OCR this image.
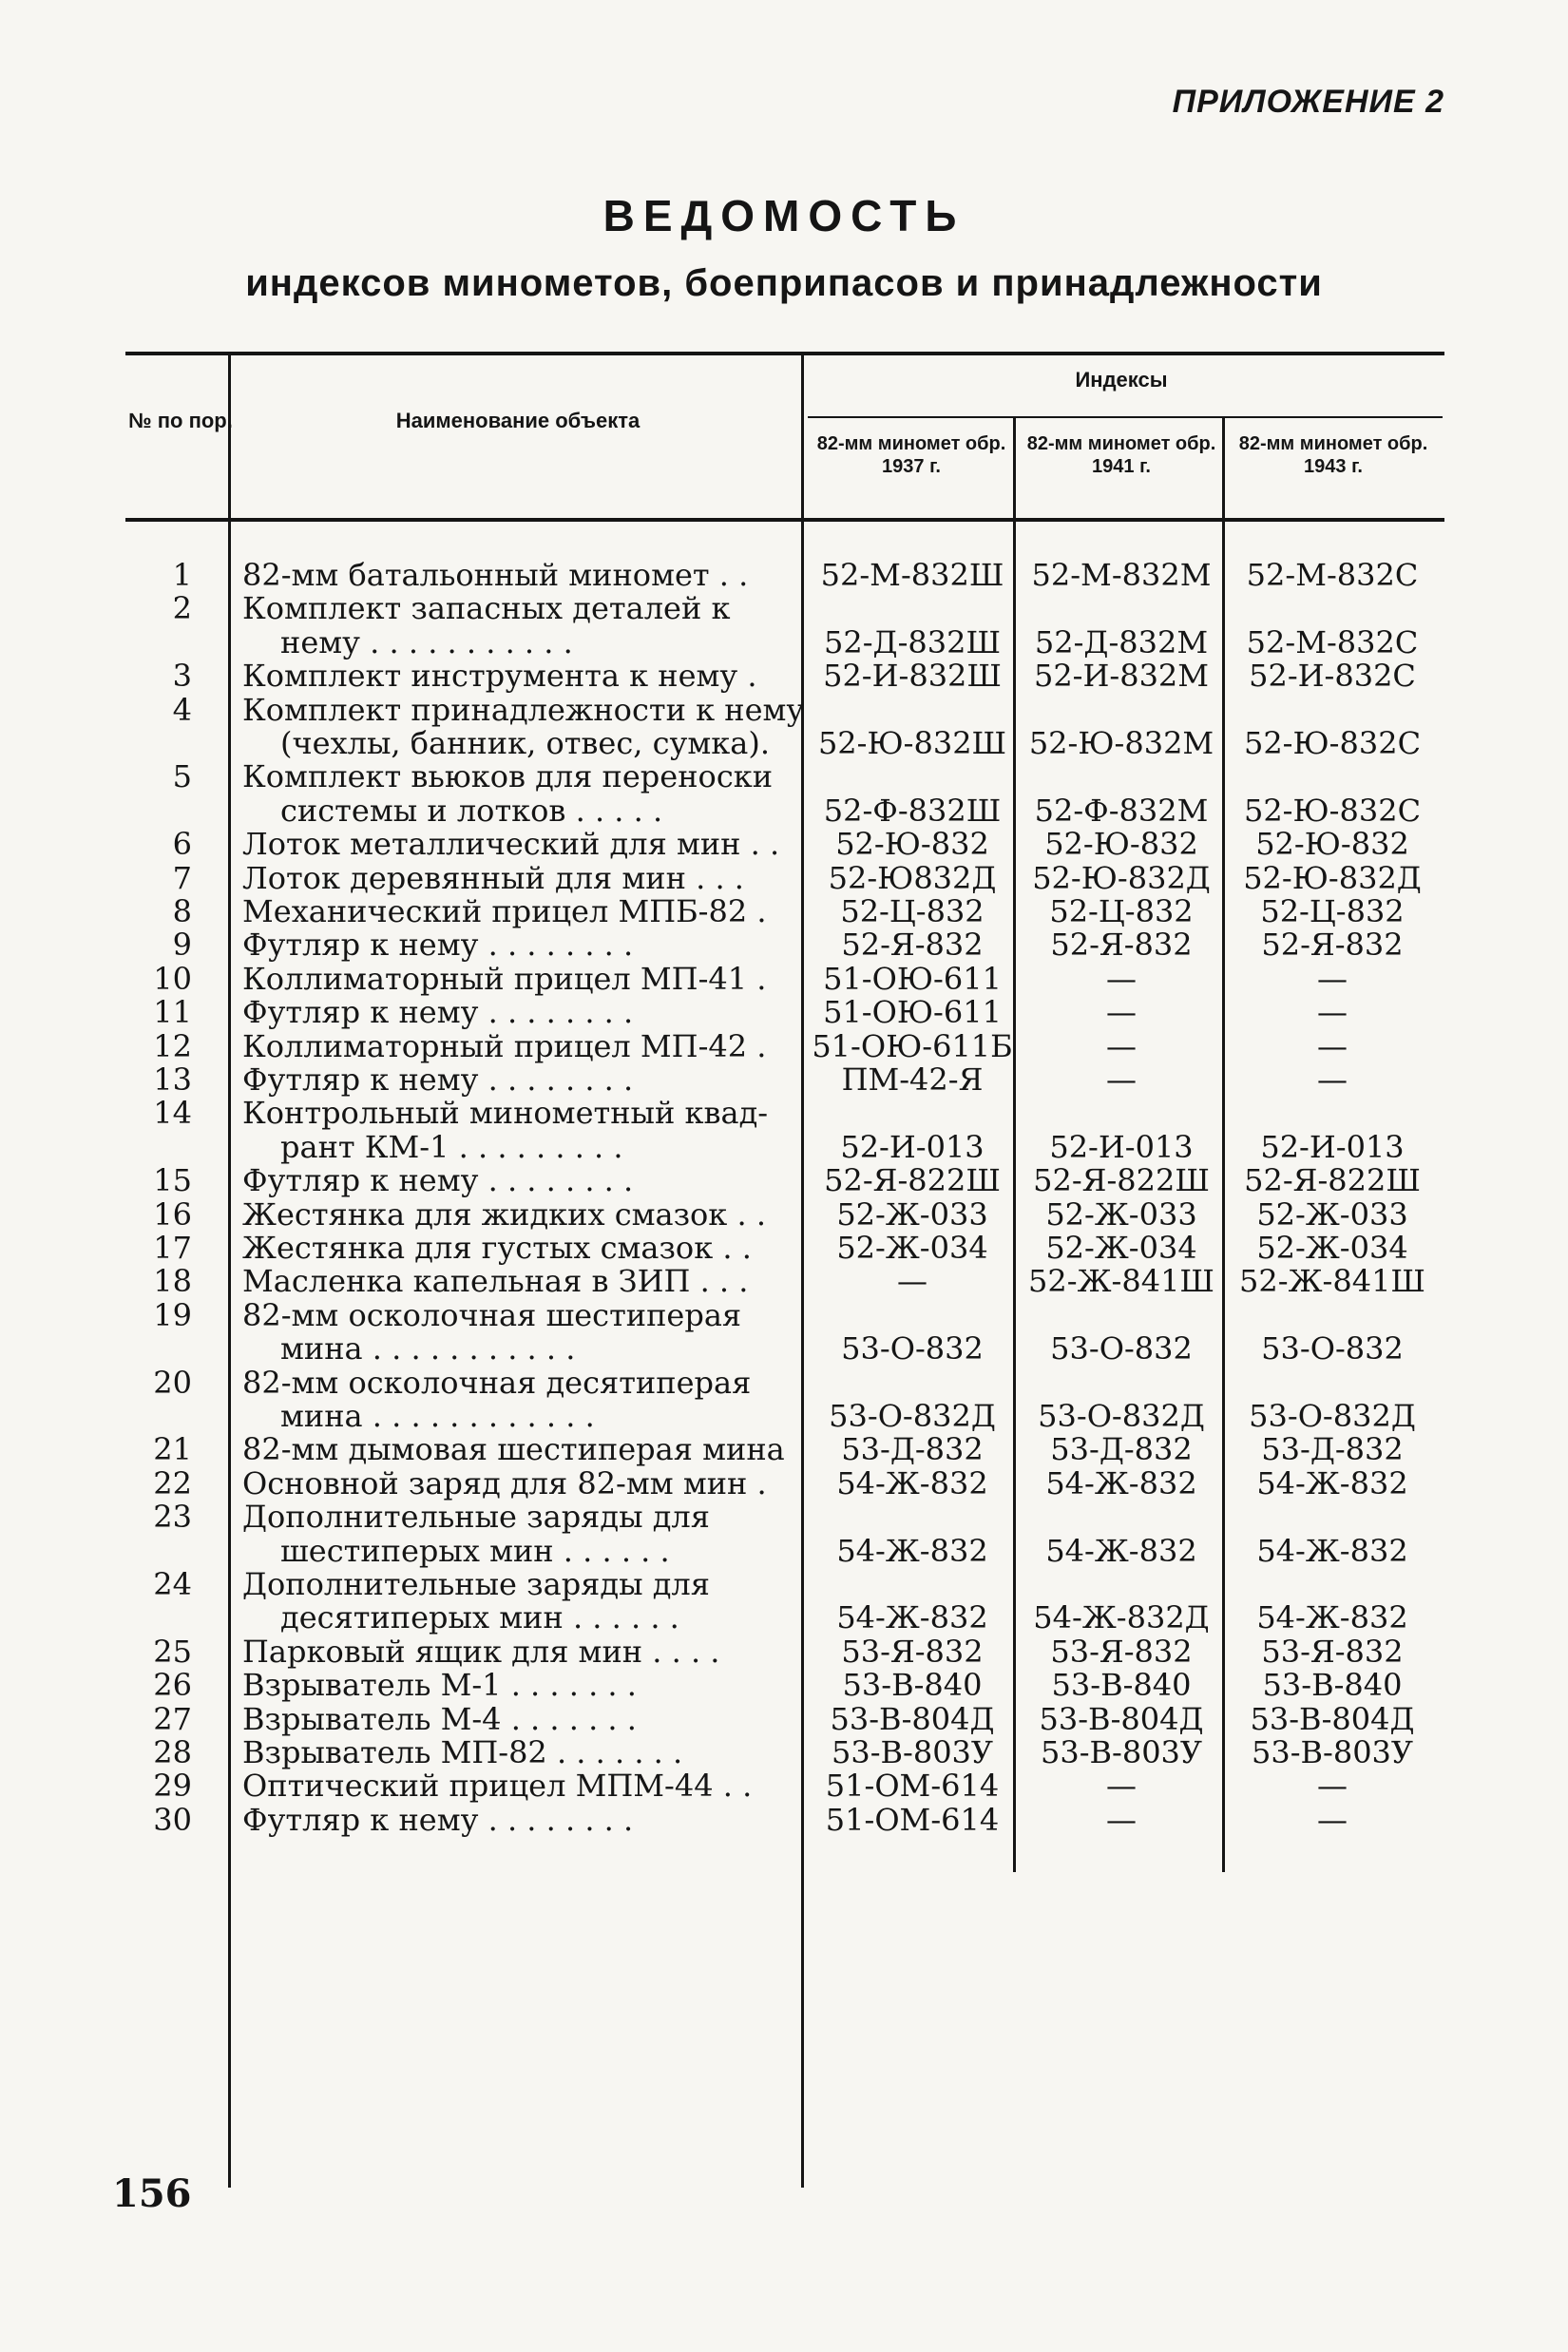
ПРИЛОЖЕНИЕ 2
ВЕДОМОСТЬ
индексов минометов, боеприпасов и принадлежности
№ по пор.	Наименование объекта
Индексы
82-мм миномет обр. 1937 г.
82-мм миномет обр. 1941 г.
82-мм миномет обр. 1943 г.
1 82-мм батальонный миномет . .	52-М-832Ш 52-М-832М	52-М-832С
2 Комплект запасных деталей к
нему . . . . . . . . . . .	52-Д-832Ш	52-Д-832М	52-М-832С
3 Комплект инструмента к нему .	52-И-832Ш	52-И-832М	52-И-832С
4 Комплект принадлежности к нему
(чехлы, банник, отвес, сумка).	52-Ю-832Ш 52-Ю-832М 52-Ю-832С
5 Комплект вьюков для переноски
системы и лотков . . . . .	52-Ф-832Ш	52-Ф-832М	52-Ю-832С
6 Лоток металлический для мин . .	52-Ю-832	52-Ю-832	52-Ю-832
7 Лоток деревянный для мин . . .	52-Ю832Д	52-Ю-832Д	52-Ю-832Д
8 Механический прицел МПБ-82 .	52-Ц-832	52-Ц-832	52-Ц-832
9 Футляр к нему . . . . . . . .	52-Я-832	52-Я-832	52-Я-832
10 Коллиматорный прицел МП-41 .	51-ОЮ-611	—	—
11 Футляр к нему . . . . . . . .	51-ОЮ-611	—	—
12 Коллиматорный прицел МП-42 . 51-ОЮ-611Б	—	—
13 Футляр к нему . . . . . . . .	ПМ-42-Я	—	—
14 Контрольный минометный квад-
рант КМ-1 . . . . . . . . .	52-И-013	52-И-013	52-И-013
15 Футляр к нему . . . . . . . .	52-Я-822Ш	52-Я-822Ш	52-Я-822Ш
16 Жестянка для жидких смазок . .	52-Ж-033	52-Ж-033	52-Ж-033
17 Жестянка для густых смазок . .	52-Ж-034	52-Ж-034	52-Ж-034
18 Масленка капельная в ЗИП . . .	—	52-Ж-841Ш 52-Ж-841Ш
19 82-мм осколочная шестиперая
мина . . . . . . . . . . .	53-О-832	53-О-832	53-О-832
20 82-мм осколочная десятиперая
мина . . . . . . . . . . . .	53-О-832Д	53-О-832Д	53-О-832Д
21 82-мм дымовая шестиперая мина	53-Д-832	53-Д-832	53-Д-832
22 Основной заряд для 82-мм мин .	54-Ж-832	54-Ж-832	54-Ж-832
23 Дополнительные заряды для
шестиперых мин . . . . . .	54-Ж-832	54-Ж-832	54-Ж-832
24 Дополнительные заряды для
десятиперых мин . . . . . .	54-Ж-832	54-Ж-832Д	54-Ж-832
25 Парковый ящик для мин . . . .	53-Я-832	53-Я-832	53-Я-832
26 Взрыватель М-1 . . . . . . .	53-В-840	53-В-840	53-В-840
27 Взрыватель М-4 . . . . . . .	53-В-804Д	53-В-804Д	53-В-804Д
28 Взрыватель МП-82 . . . . . . .	53-В-803У	53-В-803У	53-В-803У
29 Оптический прицел МПМ-44 . .	51-ОМ-614	—	—
30 Футляр к нему . . . . . . . .	51-ОМ-614	—	—
156
